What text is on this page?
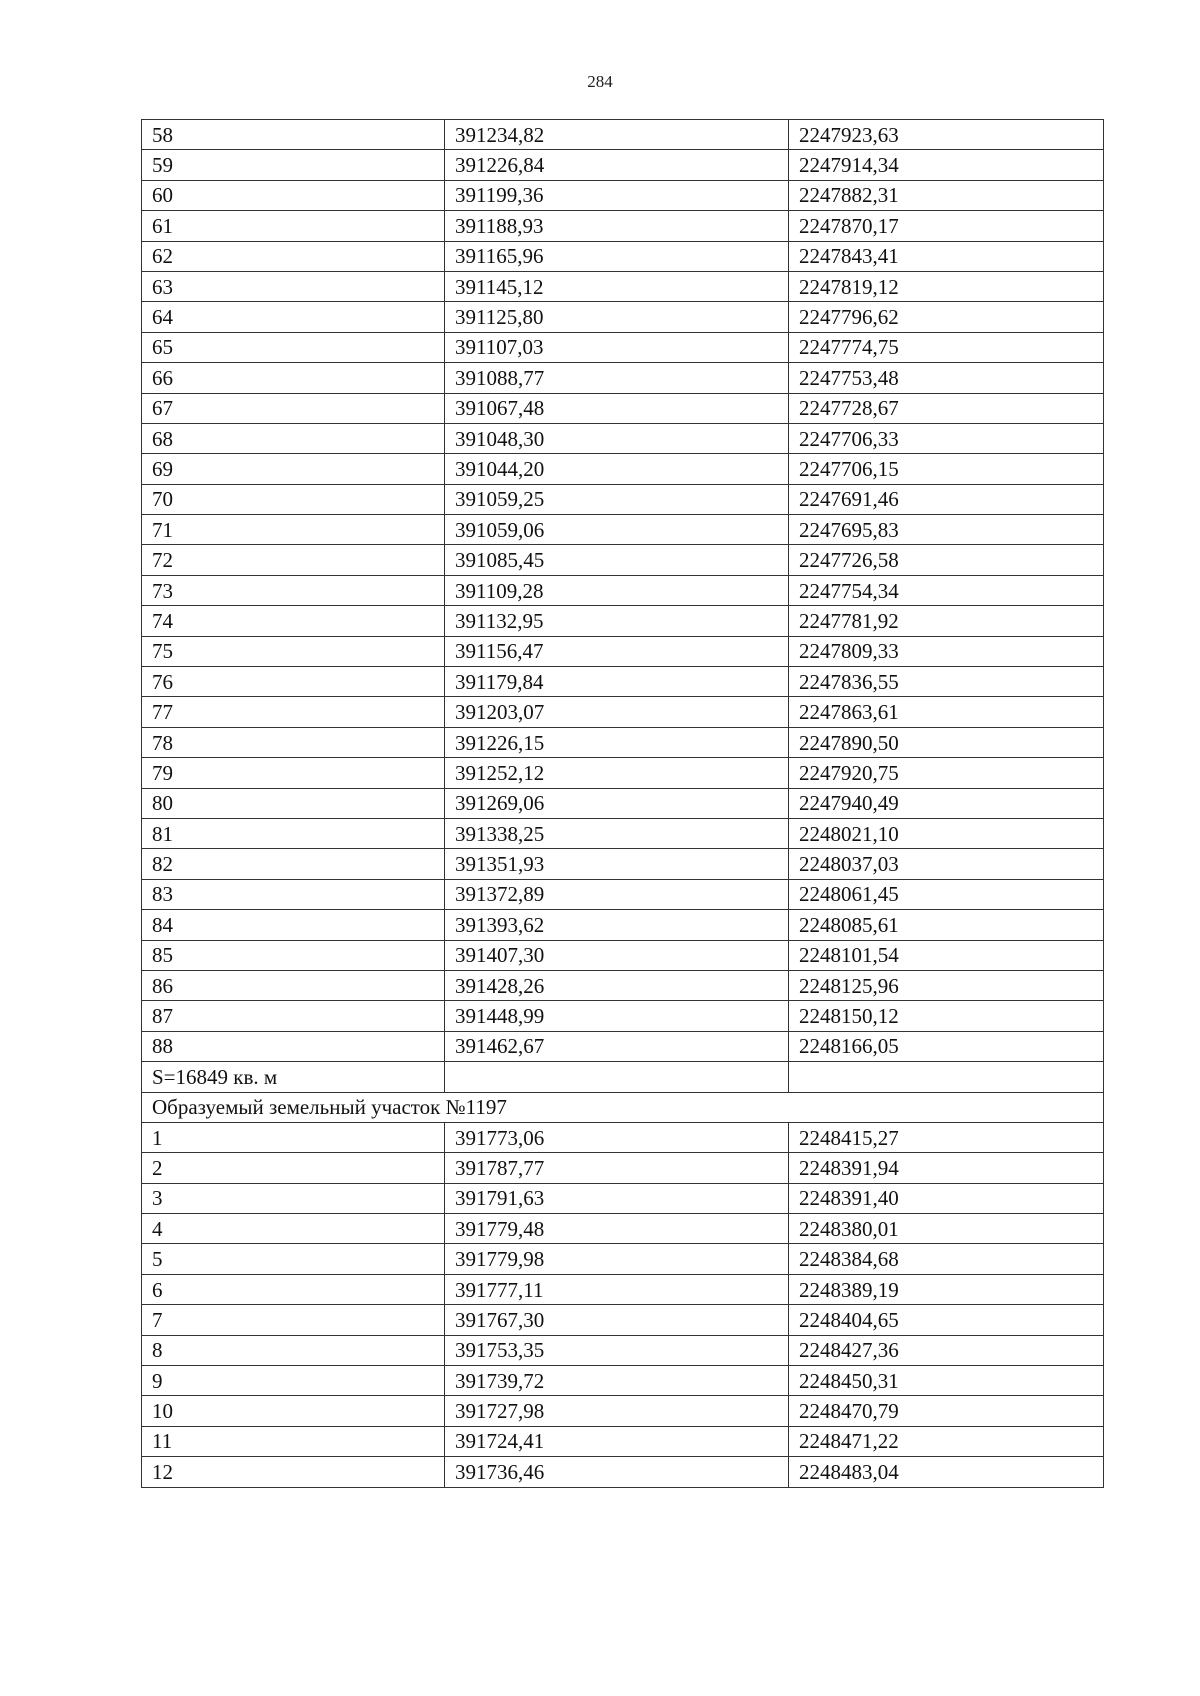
284
58	391234,82	2247923,63
59	391226,84	2247914,34
60	391199,36	2247882,31
61	391188,93	2247870,17
62	391165,96	2247843,41
63	391145,12	2247819,12
64	391125,80	2247796,62
65	391107,03	2247774,75
66	391088,77	2247753,48
67	391067,48	2247728,67
68	391048,30	2247706,33
69	391044,20	2247706,15
70	391059,25	2247691,46
71	391059,06	2247695,83
72	391085,45	2247726,58
73	391109,28	2247754,34
74	391132,95	2247781,92
75	391156,47	2247809,33
76	391179,84	2247836,55
77	391203,07	2247863,61
78	391226,15	2247890,50
79	391252,12	2247920,75
80	391269,06	2247940,49
81	391338,25	2248021,10
82	391351,93	2248037,03
83	391372,89	2248061,45
84	391393,62	2248085,61
85	391407,30	2248101,54
86	391428,26	2248125,96
87	391448,99	2248150,12
88	391462,67	2248166,05
S=16849 кв. м		
Образуемый земельный участок №1197		
1	391773,06	2248415,27
2	391787,77	2248391,94
3	391791,63	2248391,40
4	391779,48	2248380,01
5	391779,98	2248384,68
6	391777,11	2248389,19
7	391767,30	2248404,65
8	391753,35	2248427,36
9	391739,72	2248450,31
10	391727,98	2248470,79
11	391724,41	2248471,22
12	391736,46	2248483,04
